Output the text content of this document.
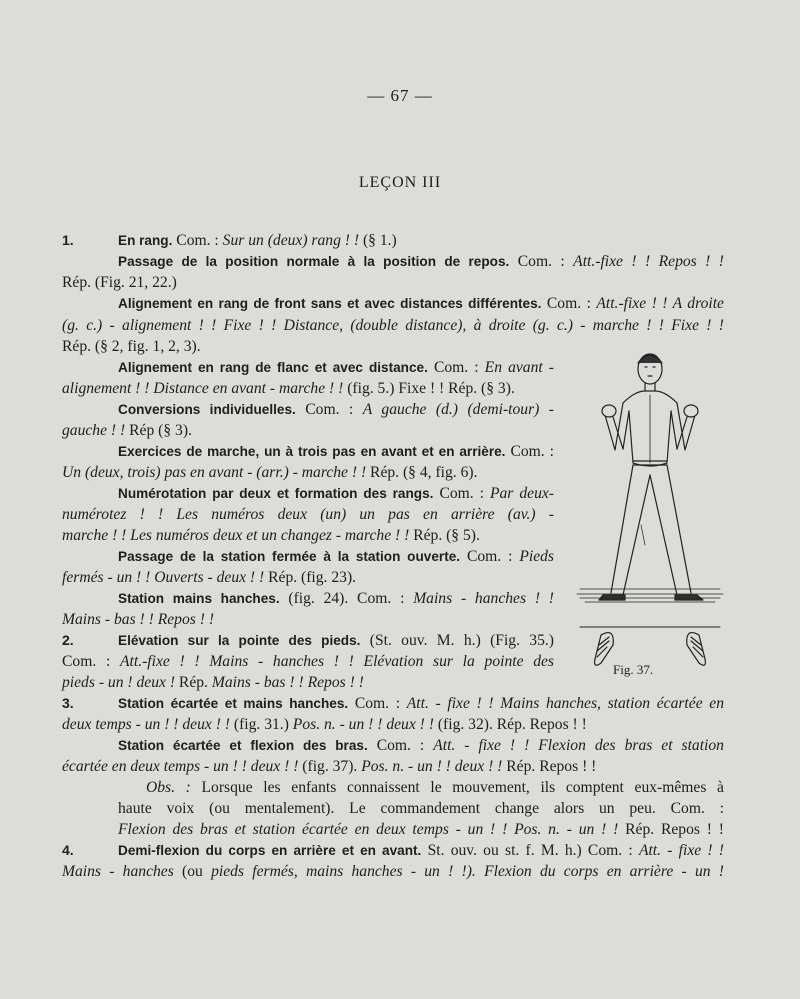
— 67 —
LEÇON III
1.	En rang. Com. : Sur un (deux) rang ! ! (§ 1.)
Passage de la position normale à la position de repos. Com. : Att.-fixe ! ! Repos ! !
Rép. (Fig. 21, 22.)
Alignement en rang de front sans et avec distances différentes. Com. : Att.-fixe ! ! A droite
(g. c.) - alignement ! ! Fixe ! ! Distance, (double distance), à droite (g. c.) - marche ! ! Fixe ! !
Rép. (§ 2, fig. 1, 2, 3).
Alignement en rang de flanc et avec distance. Com. : En avant -
alignement ! ! Distance en avant - marche ! ! (fig. 5.) Fixe ! ! Rép. (§ 3).
Conversions individuelles. Com. : A gauche (d.) (demi-tour) -
gauche ! ! Rép (§ 3).
Exercices de marche, un à trois pas en avant et en arrière. Com. :
Un (deux, trois) pas en avant - (arr.) - marche ! ! Rép. (§ 4, fig. 6).
Numérotation par deux et formation des rangs. Com. : Par deux-
numérotez ! ! Les numéros deux (un) un pas en arrière (av.) -
marche ! ! Les numéros deux et un changez - marche ! ! Rép. (§ 5).
Passage de la station fermée à la station ouverte. Com. : Pieds
fermés - un ! ! Ouverts - deux ! ! Rép. (fig. 23).
Station mains hanches. (fig. 24). Com. : Mains - hanches ! !
Mains - bas ! ! Repos ! !
2.	Elévation sur la pointe des pieds. (St. ouv. M. h.) (Fig. 35.)
Com. : Att.-fixe ! ! Mains - hanches ! ! Elévation sur la pointe des
pieds - un ! deux ! Rép. Mains - bas ! ! Repos ! !
3.	Station écartée et mains hanches. Com. : Att. - fixe ! ! Mains hanches, station écartée en
deux temps - un ! ! deux ! ! (fig. 31.) Pos. n. - un ! ! deux ! ! (fig. 32). Rép. Repos ! !
Station écartée et flexion des bras. Com. : Att. - fixe ! ! Flexion des bras et station
écartée en deux temps - un ! ! deux ! ! (fig. 37). Pos. n. - un ! ! deux ! ! Rép. Repos ! !
Obs. : Lorsque les enfants connaissent le mouvement, ils comptent eux-mêmes à
haute voix (ou mentalement). Le commandement change alors un peu. Com. :
Flexion des bras et station écartée en deux temps - un ! ! Pos. n. - un ! ! Rép. Repos ! !
4.	Demi-flexion du corps en arrière et en avant. St. ouv. ou st. f. M. h.) Com. : Att. - fixe ! !
Mains - hanches (ou pieds fermés, mains hanches - un ! !). Flexion du corps en arrière - un !
Fig. 37.
